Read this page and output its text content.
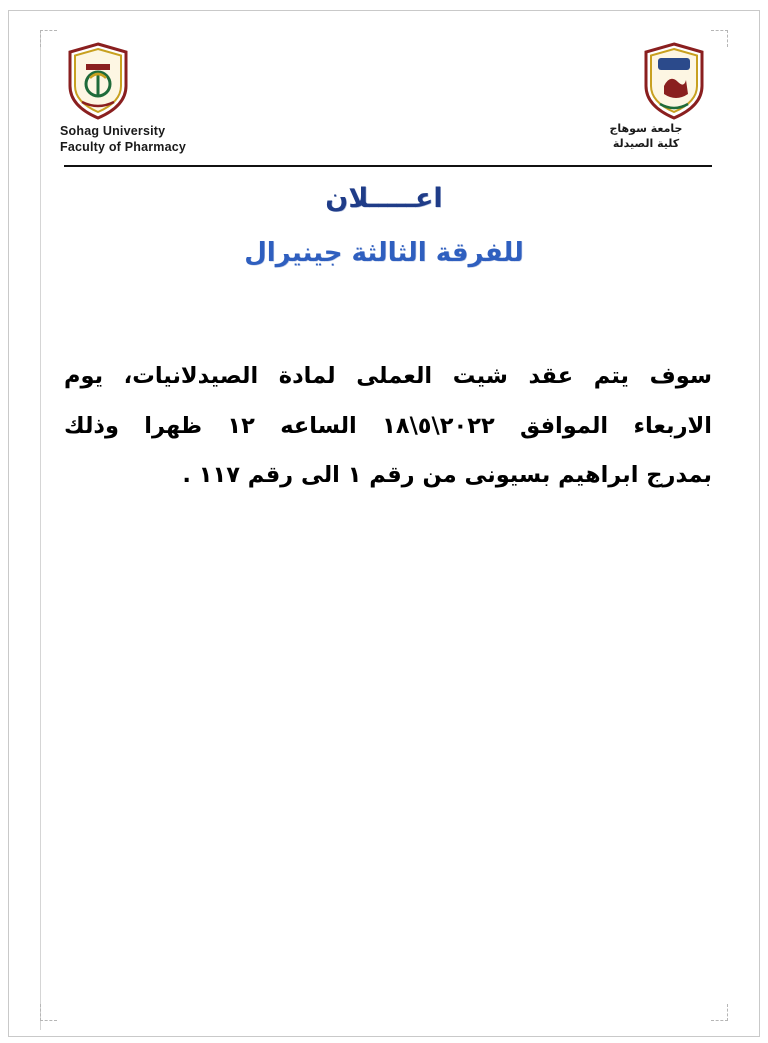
Sohag University
Faculty of Pharmacy
جامعة سوهاج
كلية الصيدلة
اعـــــلان
للفرقة الثالثة جينيرال

سوف يتم عقد شيت العملى لمادة الصيدلانيات، يوم

الاربعاء الموافق ٢٠٢٢\٥\١٨ الساعه ١٢ ظهرا وذلك

بمدرج ابراهيم بسيونى من رقم ١ الى رقم ١١٧ .
